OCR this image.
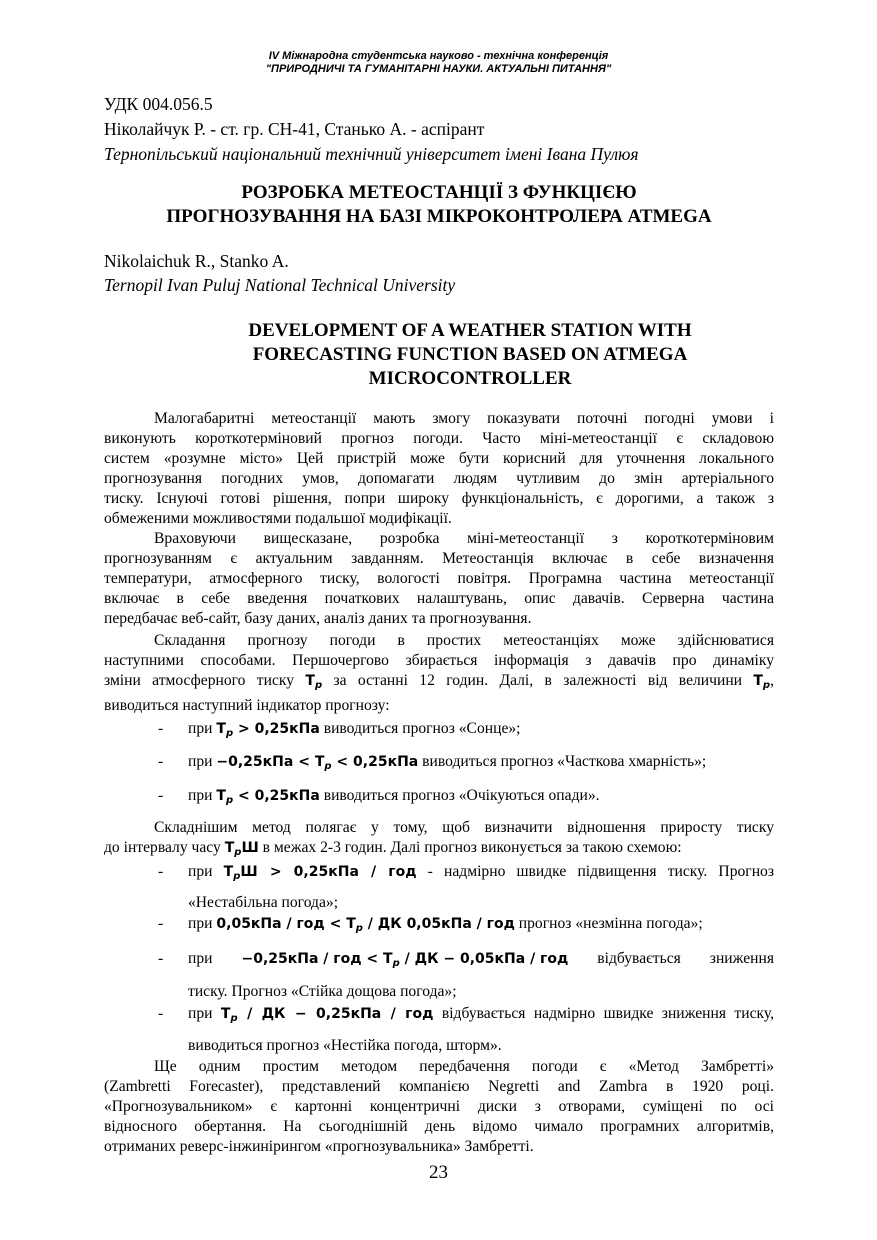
IV Міжнародна студентська науково - технічна конференція
"ПРИРОДНИЧІ ТА ГУМАНІТАРНІ НАУКИ. АКТУАЛЬНІ ПИТАННЯ"
УДК 004.056.5
Ніколайчук Р. - ст. гр. СН-41, Станько А. - аспірант
Тернопільський національний технічний університет імені Івана Пулюя
РОЗРОБКА МЕТЕОСТАНЦІЇ З ФУНКЦІЄЮ
ПРОГНОЗУВАННЯ НА БАЗІ МІКРОКОНТРОЛЕРА ATMEGA
Nikolaichuk R., Stanko A.
Ternopil Ivan Puluj National Technical University
DEVELOPMENT OF A WEATHER STATION WITH
FORECASTING FUNCTION BASED ON ATMEGA
MICROCONTROLLER
Малогабаритні метеостанції мають змогу показувати поточні погодні умови і
виконують короткотерміновий прогноз погоди. Часто міні-метеостанції є складовою
систем «розумне місто» Цей пристрій може бути корисний для уточнення локального
прогнозування погодних умов, допомагати людям чутливим до змін артеріального
тиску. Існуючі готові рішення, попри широку функціональність, є дорогими, а також з
обмеженими можливостями подальшої модифікації.
Враховуючи вищесказане, розробка міні-метеостанції з короткотерміновим
прогнозуванням є актуальним завданням. Метеостанція включає в себе визначення
температури, атмосферного тиску, вологості повітря. Програмна частина метеостанції
включає в себе введення початкових налаштувань, опис давачів. Серверна частина
передбачає веб-сайт, базу даних, аналіз даних та прогнозування.
Складання прогнозу погоди в простих метеостанціях може здійснюватися
наступними способами. Першочергово збирається інформація з давачів про динаміку
зміни атмосферного тиску $T_p$ за останні 12 годин. Далі, в залежності від величини $T_p$,
виводиться наступний індикатор прогнозу:
- при $T_p > 0,25кПа$ виводиться прогноз «Сонце»;
- при $-0,25кПа < T_p < 0,25кПа$ виводиться прогноз «Часткова хмарність»;
- при $T_p < 0,25кПа$ виводиться прогноз «Очікуються опади».
Складнішим метод полягає у тому, щоб визначити відношення приросту тиску
до інтервалу часу $T_pШ$ в межах 2-3 годин. Далі прогноз виконується за такою схемою:
- при $T_pШ > 0,25кПа$ / год - надмірно швидке підвищення тиску. Прогноз
«Нестабільна погода»;
- при 0,05кПа / год < $T_p$ / ДК 0,05кПа / год прогноз «незмінна погода»;
- при −0,25кПа / год < $T_p$ / ДК − 0,05кПа / год відбувається зниження
тиску. Прогноз «Стійка дощова погода»;
- при $T_p$ / ДК − 0,25кПа / год відбувається надмірно швидке зниження тиску,
виводиться прогноз «Нестійка погода, шторм».
Ще одним простим методом передбачення погоди є «Метод Замбретті»
(Zambretti Forecaster), представлений компанією Negretti and Zambra в 1920 році.
«Прогнозувальником» є картонні концентричні диски з отворами, суміщені по осі
відносного обертання. На сьогоднішній день відомо чимало програмних алгоритмів,
отриманих реверс-інжинірингом «прогнозувальника» Замбретті.
23
